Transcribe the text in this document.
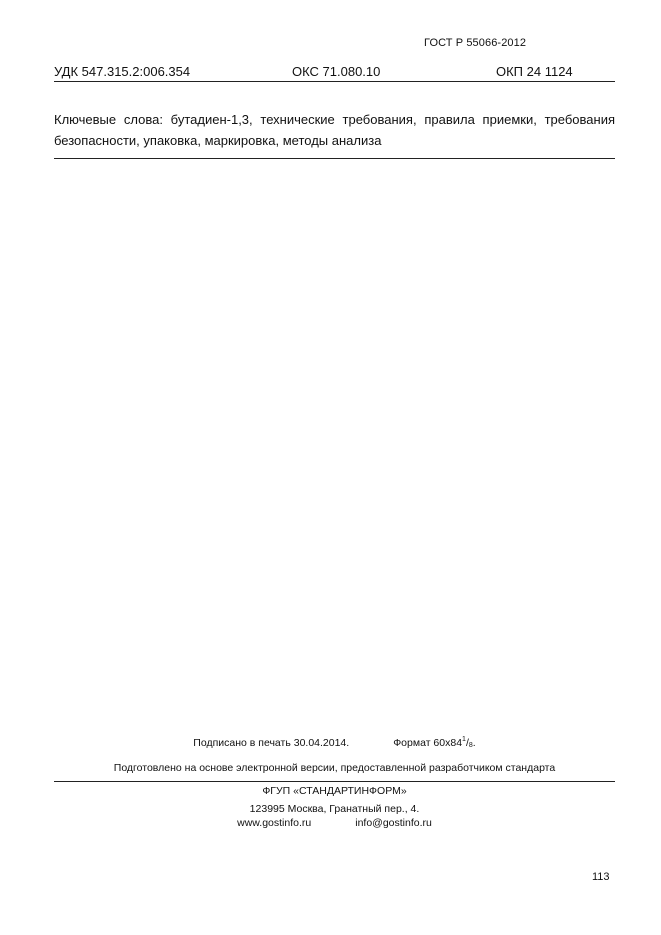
ГОСТ Р 55066-2012
УДК 547.315.2:006.354	ОКС 71.080.10	ОКП 24 1124
Ключевые слова: бутадиен-1,3, технические требования, правила приемки, требования безопасности, упаковка, маркировка, методы анализа
Подписано в печать 30.04.2014.	Формат $60x84^1/_8$.
Подготовлено на основе электронной версии, предоставленной разработчиком стандарта
ФГУП «СТАНДАРТИНФОРМ»
123995 Москва, Гранатный пер., 4.
www.gostinfo.ru	info@gostinfo.ru
113
